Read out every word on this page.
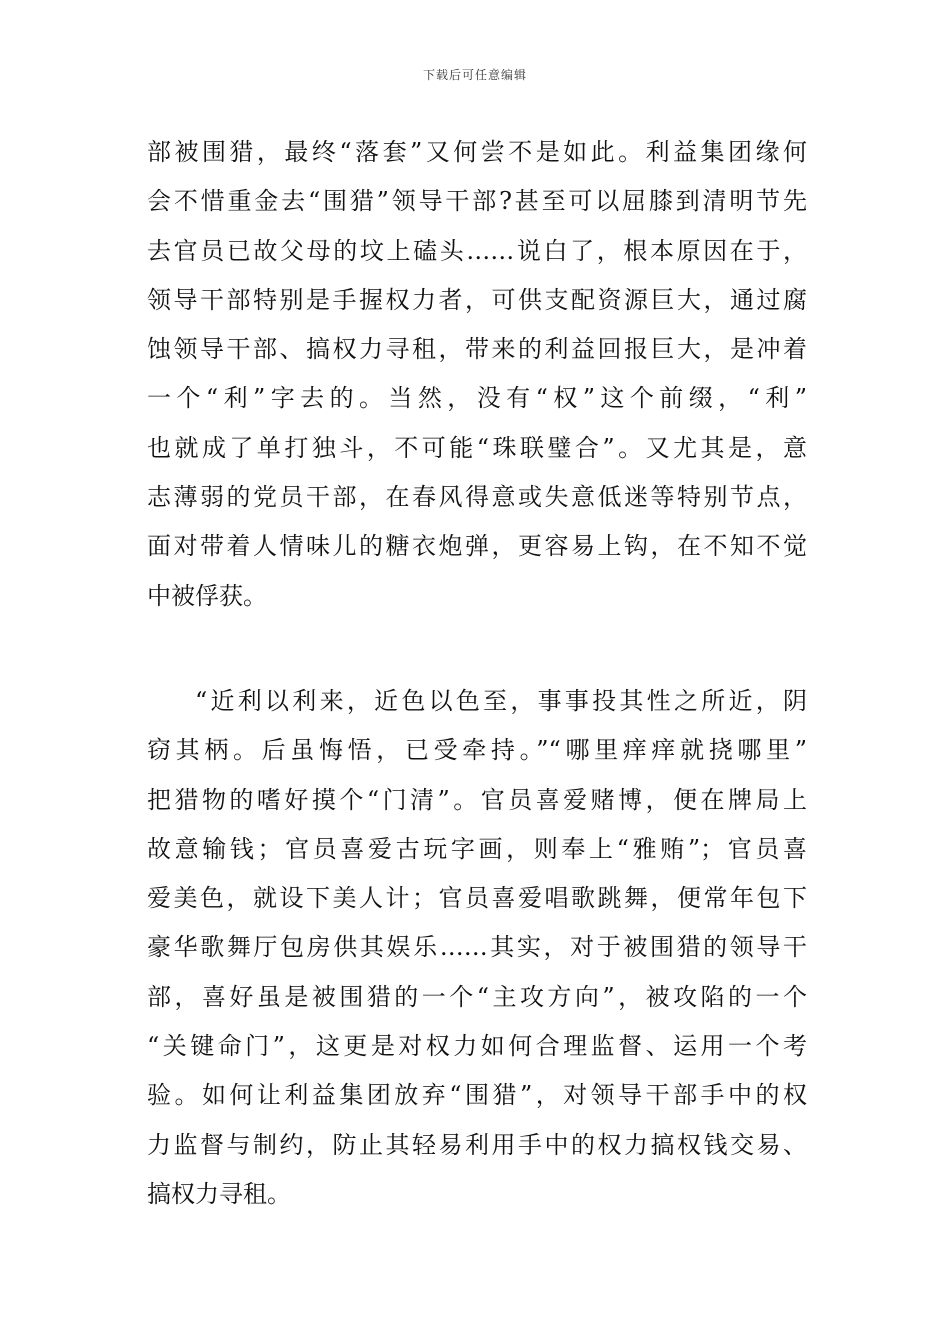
下载后可任意编辑
部被围猎，最终“落套”又何尝不是如此。利益集团缘何
会不惜重金去“围猎”领导干部?甚至可以屈膝到清明节先
去官员已故父母的坟上磕头……说白了，根本原因在于，
领导干部特别是手握权力者，可供支配资源巨大，通过腐
蚀领导干部、搞权力寻租，带来的利益回报巨大，是冲着
一个“利”字去的。当然，没有“权”这个前缀，“利”
也就成了单打独斗，不可能“珠联璧合”。又尤其是，意
志薄弱的党员干部，在春风得意或失意低迷等特别节点，
面对带着人情味儿的糖衣炮弹，更容易上钩，在不知不觉
中被俘获。
“近利以利来，近色以色至，事事投其性之所近，阴
窃其柄。后虽悔悟，已受牵持。”“哪里痒痒就挠哪里”
把猎物的嗜好摸个“门清”。官员喜爱赌博，便在牌局上
故意输钱；官员喜爱古玩字画，则奉上“雅贿”；官员喜
爱美色，就设下美人计；官员喜爱唱歌跳舞，便常年包下
豪华歌舞厅包房供其娱乐……其实，对于被围猎的领导干
部，喜好虽是被围猎的一个“主攻方向”，被攻陷的一个
“关键命门”，这更是对权力如何合理监督、运用一个考
验。如何让利益集团放弃“围猎”，对领导干部手中的权
力监督与制约，防止其轻易利用手中的权力搞权钱交易、
搞权力寻租。
